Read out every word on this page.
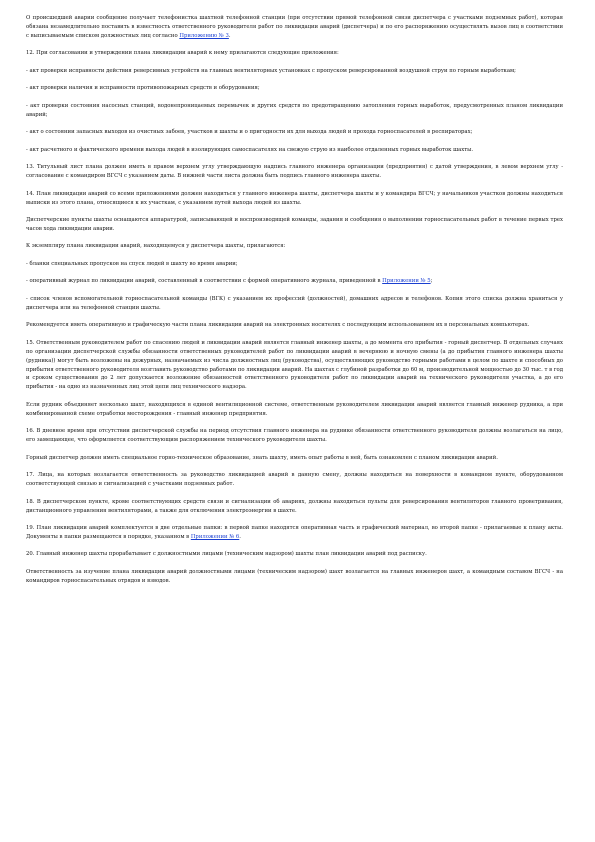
О происшедшей аварии сообщение получает телефонистка шахтной телефонной станции (при отсутствии прямой телефонной связи диспетчера с участками подземных работ), которая обязана незамедлительно поставить в известность ответственного руководителя работ по ликвидации аварий (диспетчера) и по его распоряжению осуществлять вызов лиц в соответствии с выписываемым списком должностных лиц согласно Приложению № 3.

12. При согласовании и утверждении плана ликвидации аварий к нему прилагаются следующие приложения:

- акт проверки исправности действия реверсивных устройств на главных вентиляторных установках с пропуском реверсированной воздушной струи по горным выработкам;

- акт проверки наличия и исправности противопожарных средств и оборудования;

- акт проверки состояния насосных станций, водонепроницаемых перемычек и других средств по предотвращению затопления горных выработок, предусмотренных планом ликвидации аварий;

- акт о состоянии запасных выходов из очистных забоев, участков и шахты и о пригодности их для выхода людей и прохода горноспасателей в респираторах;

- акт расчетного и фактического времени выхода людей в изолирующих самоспасателях на свежую струю из наиболее отдаленных горных выработок шахты.

13. Титульный лист плана должен иметь в правом верхнем углу утверждающую надпись главного инженера организации (предприятия) с датой утверждения, в левом верхнем углу - согласование с командиром ВГСЧ с указанием даты. В нижней части листа должна быть подпись главного инженера шахты.

14. План ликвидации аварий со всеми приложениями должен находиться у главного инженера шахты, диспетчера шахты и у командира ВГСЧ; у начальников участков должны находиться выписки из этого плана, относящиеся к их участкам, с указанием путей выхода людей из шахты.

Диспетчерские пункты шахты оснащаются аппаратурой, записывающей и воспроизводящей команды, задания и сообщения о выполнении горноспасательных работ в течение первых трех часов хода ликвидации аварии.

К экземпляру плана ликвидации аварий, находящемуся у диспетчера шахты, прилагаются:

- бланки специальных пропусков на спуск людей в шахту во время аварии;

- оперативный журнал по ликвидации аварий, составленный в соответствии с формой оперативного журнала, приведенной в Приложении № 5;

- список членов вспомогательной горноспасательной команды (ВГК) с указанием их профессий (должностей), домашних адресов и телефонов. Копия этого списка должна храниться у диспетчера или на телефонной станции шахты.

Рекомендуется иметь оперативную и графическую части плана ликвидации аварий на электронных носителях с последующим использованием их в персональных компьютерах.

15. Ответственным руководителем работ по спасению людей и ликвидации аварий является главный инженер шахты, а до момента его прибытия - горный диспетчер. В отдельных случаях по организации диспетчерской службы обязанности ответственных руководителей работ по ликвидации аварий в вечернюю и ночную смены (а до прибытия главного инженера шахты (рудника)) могут быть возложены на дежурных, назначаемых из числа должностных лиц (руководства), осуществляющих руководство горными работами в целом по шахте и способных до прибытия ответственного руководителя возглавить руководство работами по ликвидации аварий. На шахтах с глубиной разработки до 60 м, производительной мощностью до 30 тыс. т в год и сроком существования до 2 лет допускается возложение обязанностей ответственного руководителя работ по ликвидации аварий на технического руководителя участка, а до его прибытия - на одно из назначенных лиц этой цепи лиц технического надзора.

Если рудник объединяет несколько шахт, находящихся в единой вентиляционной системе, ответственным руководителем ликвидации аварий является главный инженер рудника, а при комбинированной схеме отработки месторождения - главный инженер предприятия.

16. В дневное время при отсутствии диспетчерской службы на период отсутствия главного инженера на руднике обязанности ответственного руководителя должны возлагаться на лицо, его замещающее, что оформляется соответствующим распоряжением технического руководителя шахты.

Горный диспетчер должен иметь специальное горно-техническое образование, знать шахту, иметь опыт работы в ней, быть ознакомлен с планом ликвидации аварий.

17. Лица, на которых возлагается ответственность за руководство ликвидацией аварий в данную смену, должны находиться на поверхности в командном пункте, оборудованном соответствующей связью и сигнализацией с участками подземных работ.

18. В диспетчерском пункте, кроме соответствующих средств связи и сигнализации об авариях, должны находиться пульты для реверсирования вентиляторов главного проветривания, дистанционного управления вентиляторами, а также для отключения электроэнергии в шахте.

19. План ликвидации аварий комплектуется в две отдельные папки: в первой папке находятся оперативная часть и графический материал, во второй папке - прилагаемые к плану акты. Документы в папки размещаются в порядке, указанном в Приложении № 6.

20. Главный инженер шахты прорабатывает с должностными лицами (техническим надзором) шахты план ликвидации аварий под расписку.

Ответственность за изучение плана ликвидации аварий должностными лицами (техническим надзором) шахт возлагается на главных инженеров шахт, а командным составом ВГСЧ - на командиров горноспасательных отрядов и взводов.
